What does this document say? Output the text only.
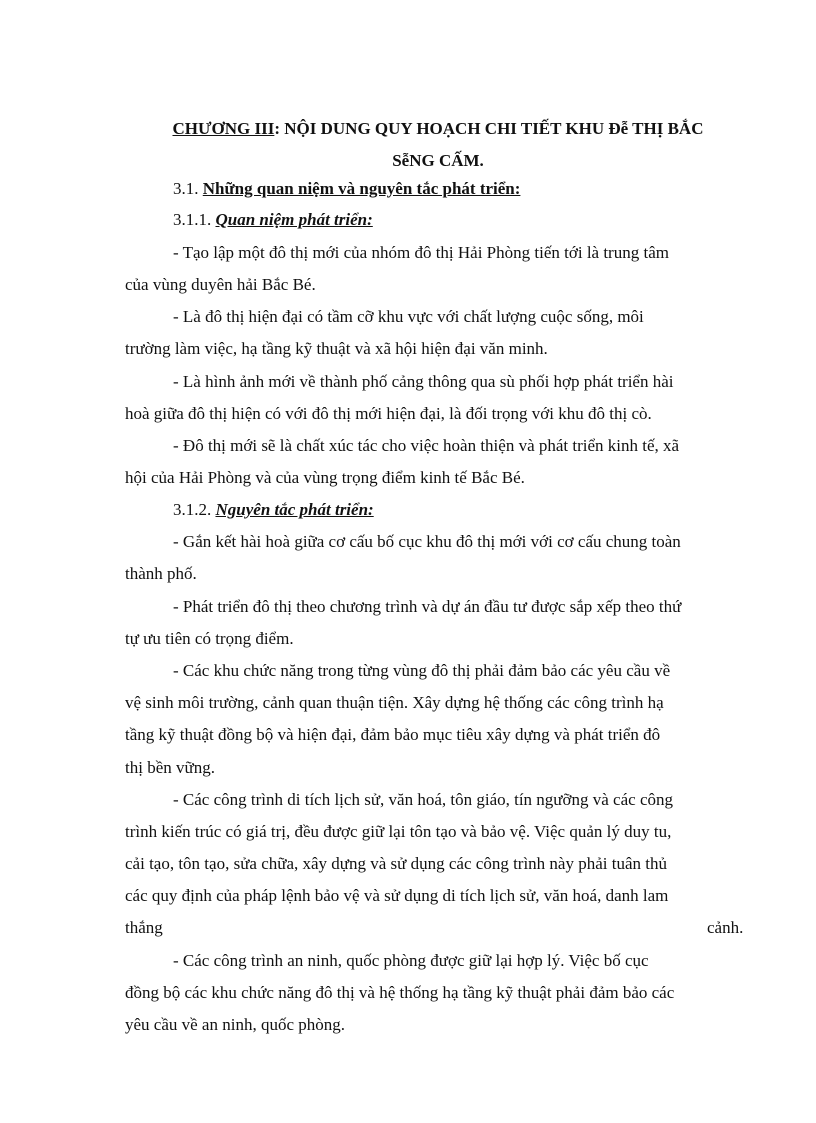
CHƯƠNG III: NỘI DUNG QUY HOẠCH CHI TIẾT KHU Đễ THỊ BẮC
SễNG CẤM.
3.1. Những quan niệm và nguyên tắc phát triển:
3.1.1. Quan niệm phát triển:
- Tạo lập một đô thị mới của nhóm đô thị Hải Phòng tiến tới là trung tâm
của vùng duyên hải Bắc Bé.
- Là đô thị hiện đại có tầm cỡ khu vực với chất lượng cuộc sống, môi
trường làm việc, hạ tầng kỹ thuật và xã hội hiện đại văn minh.
- Là hình ảnh mới về thành phố cảng thông qua sù phối hợp phát triển hài
hoà giữa đô thị hiện có với đô thị mới hiện đại, là đối trọng với khu đô thị cò.
- Đô thị mới sẽ là chất xúc tác cho việc hoàn thiện và phát triển kinh tế, xã
hội của Hải Phòng và của vùng trọng điểm kinh tế Bắc Bé.
3.1.2. Nguyên tắc phát triển:
- Gắn kết hài hoà giữa cơ cấu bố cục khu đô thị mới với cơ cấu chung toàn
thành phố.
- Phát triển đô thị theo chương trình và dự án đầu tư được sắp xếp theo thứ
tự ưu tiên có trọng điểm.
- Các khu chức năng trong từng vùng đô thị phải đảm bảo các yêu cầu về
vệ sinh môi trường, cảnh quan thuận tiện. Xây dựng hệ thống các công trình hạ
tầng kỹ thuật đồng bộ và hiện đại, đảm bảo mục tiêu xây dựng và phát triển đô
thị bền vững.
- Các công trình di tích lịch sử, văn hoá, tôn giáo, tín ngưỡng và các công
trình kiến trúc có giá trị, đều được giữ lại tôn tạo và bảo vệ. Việc quản lý duy tu,
cải tạo, tôn tạo, sửa chữa, xây dựng và sử dụng các công trình này phải tuân thủ
các quy định của pháp lệnh bảo vệ và sử dụng di tích lịch sử, văn hoá, danh lam
thắng	cảnh.
- Các công trình an ninh, quốc phòng được giữ lại hợp lý. Việc bố cục
đồng bộ các khu chức năng đô thị và hệ thống hạ tầng kỹ thuật phải đảm bảo các
yêu cầu về an ninh, quốc phòng.
